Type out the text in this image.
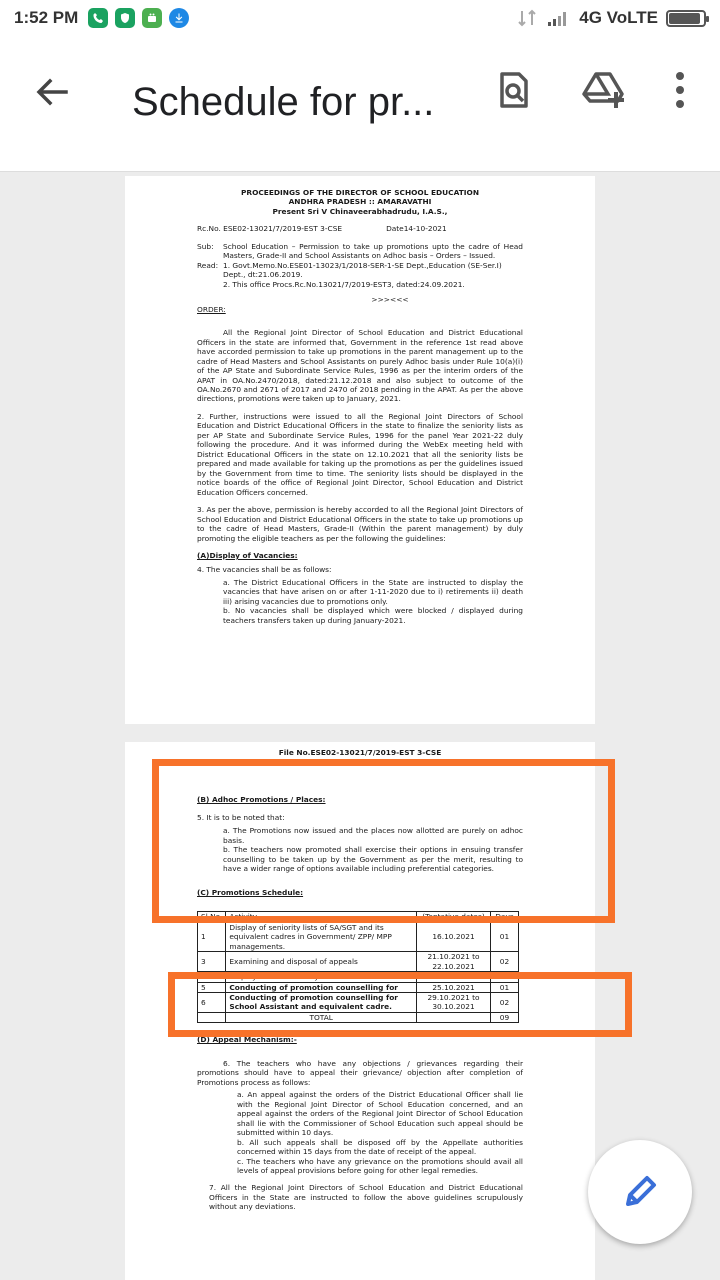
1:52 PM	4G VoLTE
Schedule for pr...
PROCEEDINGS OF THE DIRECTOR OF SCHOOL EDUCATION
ANDHRA PRADESH :: AMARAVATHI
Present Sri V Chinaveerabhadrudu, I.A.S.,
Rc.No. ESE02-13021/7/2019-EST 3-CSE	Date14-10-2021
Sub:	School Education – Permission to take up promotions upto the cadre of Head Masters, Grade-II and School Assistants on Adhoc basis – Orders – Issued.
Read: 1. Govt.Memo.No.ESE01-13023/1/2018-SER-1-SE Dept.,Education (SE-Ser.I) Dept., dt:21.06.2019.
2. This office Procs.Rc.No.13021/7/2019-EST3, dated:24.09.2021.
>>><<<
ORDER:
All the Regional Joint Director of School Education and District Educational Officers in the state are informed that, Government in the reference 1st read above have accorded permission to take up promotions in the parent management up to the cadre of Head Masters and School Assistants on purely Adhoc basis under Rule 10(a)(i) of the AP State and Subordinate Service Rules, 1996 as per the interim orders of the APAT in OA.No.2470/2018, dated:21.12.2018 and also subject to outcome of the OA.No.2670 and 2671 of 2017 and 2470 of 2018 pending in the APAT. As per the above directions, promotions were taken up to January, 2021.
2. Further, instructions were issued to all the Regional Joint Directors of School Education and District Educational Officers in the state to finalize the seniority lists as per AP State and Subordinate Service Rules, 1996 for the panel Year 2021-22 duly following the procedure. And it was informed during the WebEx meeting held with District Educational Officers in the state on 12.10.2021 that all the seniority lists be prepared and made available for taking up the promotions as per the guidelines issued by the Government from time to time. The seniority lists should be displayed in the notice boards of the office of Regional Joint Director, School Education and District Education Officers concerned.
3. As per the above, permission is hereby accorded to all the Regional Joint Directors of School Education and District Educational Officers in the state to take up promotions up to the cadre of Head Masters, Grade-II (Within the parent management) by duly promoting the eligible teachers as per the following the guidelines:
(A)Display of Vacancies:
4. The vacancies shall be as follows:
a. The District Educational Officers in the State are instructed to display the vacancies that have arisen on or after 1-11-2020 due to i) retirements ii) death iii) arising vacancies due to promotions only.
b. No vacancies shall be displayed which were blocked / displayed during teachers transfers taken up during January-2021.
File No.ESE02-13021/7/2019-EST 3-CSE
(B) Adhoc Promotions / Places:
5. It is to be noted that:
a. The Promotions now issued and the places now allotted are purely on adhoc basis.
b. The teachers now promoted shall exercise their options in ensuing transfer counselling to be taken up by the Government as per the merit, resulting to have a wider range of options available including preferential categories.
(C) Promotions Schedule:
Sl.No.	Activity	(Tentative dates)	Days
1	Display of seniority lists of SA/SGT and its equivalent cadres in Government/ ZPP/ MPP managements.	16.10.2021	01
3	Examining and disposal of appeals	21.10.2021 to 22.10.2021	02
4	Display of final seniority	23.10.2021	01
5	Conducting of promotion counselling for	25.10.2021	01
6	Conducting of promotion counselling for School Assistant and equivalent cadre.	29.10.2021 to 30.10.2021	02
	TOTAL		09
(D) Appeal Mechanism:-
6. The teachers who have any objections / grievances regarding their promotions should have to appeal their grievance/ objection after completion of Promotions process as follows:
a. An appeal against the orders of the District Educational Officer shall lie with the Regional Joint Director of School Education concerned, and an appeal against the orders of the Regional Joint Director of School Education shall lie with the Commissioner of School Education such appeal should be submitted within 10 days.
b. All such appeals shall be disposed off by the Appellate authorities concerned within 15 days from the date of receipt of the appeal.
c. The teachers who have any grievance on the promotions should avail all levels of appeal provisions before going for other legal remedies.
7. All the Regional Joint Directors of School Education and District Educational Officers in the State are instructed to follow the above guidelines scrupulously without any deviations.
